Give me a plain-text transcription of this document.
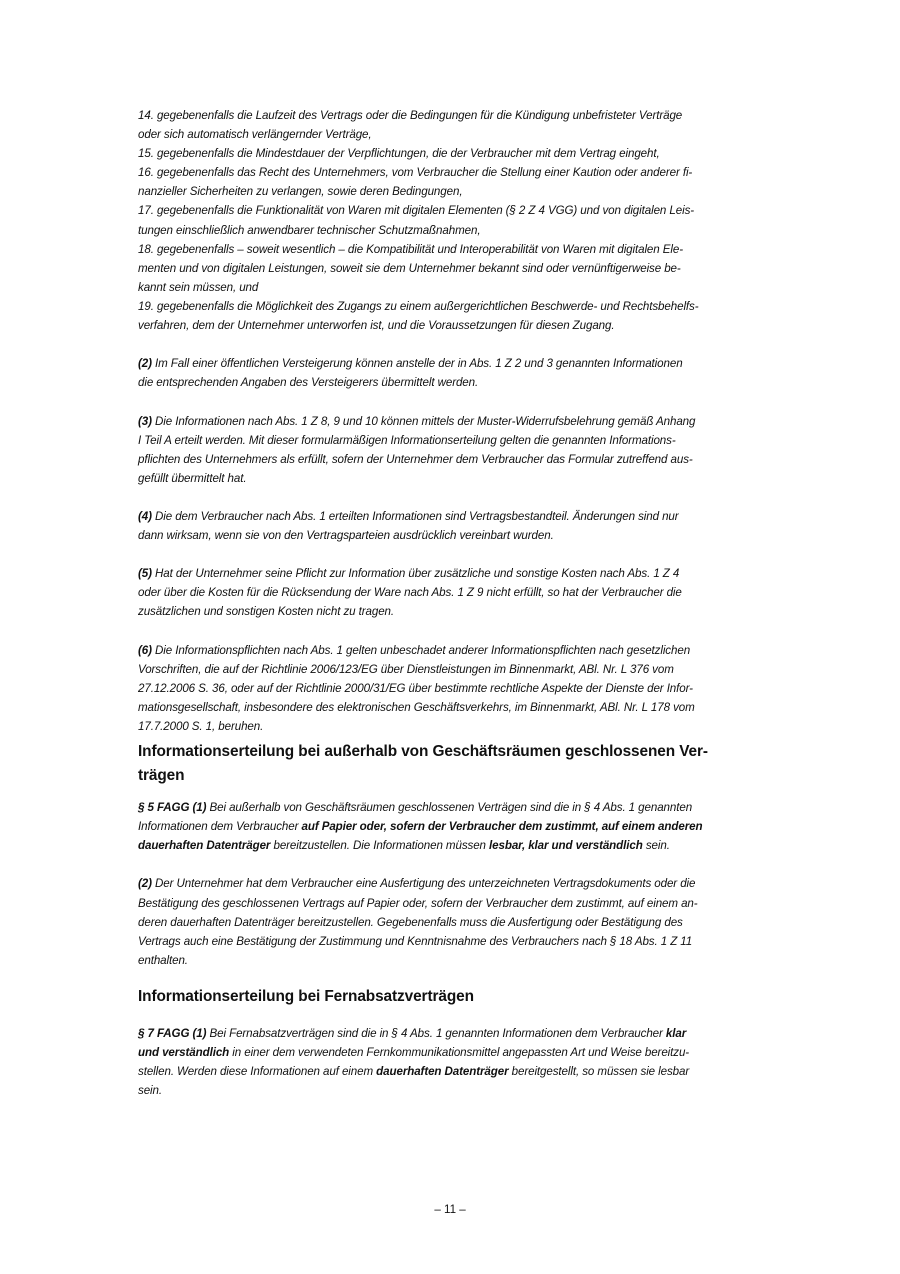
14. gegebenenfalls die Laufzeit des Vertrags oder die Bedingungen für die Kündigung unbefristeter Verträge
oder sich automatisch verlängernder Verträge,
15. gegebenenfalls die Mindestdauer der Verpflichtungen, die der Verbraucher mit dem Vertrag eingeht,
16. gegebenenfalls das Recht des Unternehmers, vom Verbraucher die Stellung einer Kaution oder anderer fi-
nanzieller Sicherheiten zu verlangen, sowie deren Bedingungen,
17. gegebenenfalls die Funktionalität von Waren mit digitalen Elementen (§ 2 Z 4 VGG) und von digitalen Leis-
tungen einschließlich anwendbarer technischer Schutzmaßnahmen,
18. gegebenenfalls – soweit wesentlich – die Kompatibilität und Interoperabilität von Waren mit digitalen Ele-
menten und von digitalen Leistungen, soweit sie dem Unternehmer bekannt sind oder vernünftigerweise be-
kannt sein müssen, und
19. gegebenenfalls die Möglichkeit des Zugangs zu einem außergerichtlichen Beschwerde- und Rechtsbehelfs-
verfahren, dem der Unternehmer unterworfen ist, und die Voraussetzungen für diesen Zugang.
(2) Im Fall einer öffentlichen Versteigerung können anstelle der in Abs. 1 Z 2 und 3 genannten Informationen
die entsprechenden Angaben des Versteigerers übermittelt werden.
(3) Die Informationen nach Abs. 1 Z 8, 9 und 10 können mittels der Muster-Widerrufsbelehrung gemäß Anhang
I Teil A erteilt werden. Mit dieser formularmäßigen Informationserteilung gelten die genannten Informations-
pflichten des Unternehmers als erfüllt, sofern der Unternehmer dem Verbraucher das Formular zutreffend aus-
gefüllt übermittelt hat.
(4) Die dem Verbraucher nach Abs. 1 erteilten Informationen sind Vertragsbestandteil. Änderungen sind nur
dann wirksam, wenn sie von den Vertragsparteien ausdrücklich vereinbart wurden.
(5) Hat der Unternehmer seine Pflicht zur Information über zusätzliche und sonstige Kosten nach Abs. 1 Z 4
oder über die Kosten für die Rücksendung der Ware nach Abs. 1 Z 9 nicht erfüllt, so hat der Verbraucher die
zusätzlichen und sonstigen Kosten nicht zu tragen.
(6) Die Informationspflichten nach Abs. 1 gelten unbeschadet anderer Informationspflichten nach gesetzlichen
Vorschriften, die auf der Richtlinie 2006/123/EG über Dienstleistungen im Binnenmarkt, ABl. Nr. L 376 vom
27.12.2006 S. 36, oder auf der Richtlinie 2000/31/EG über bestimmte rechtliche Aspekte der Dienste der Infor-
mationsgesellschaft, insbesondere des elektronischen Geschäftsverkehrs, im Binnenmarkt, ABl. Nr. L 178 vom
17.7.2000 S. 1, beruhen.
Informationserteilung bei außerhalb von Geschäftsräumen geschlossenen Ver-
trägen
§ 5 FAGG (1) Bei außerhalb von Geschäftsräumen geschlossenen Verträgen sind die in § 4 Abs. 1 genannten
Informationen dem Verbraucher auf Papier oder, sofern der Verbraucher dem zustimmt, auf einem anderen
dauerhaften Datenträger bereitzustellen. Die Informationen müssen lesbar, klar und verständlich sein.
(2) Der Unternehmer hat dem Verbraucher eine Ausfertigung des unterzeichneten Vertragsdokuments oder die
Bestätigung des geschlossenen Vertrags auf Papier oder, sofern der Verbraucher dem zustimmt, auf einem an-
deren dauerhaften Datenträger bereitzustellen. Gegebenenfalls muss die Ausfertigung oder Bestätigung des
Vertrags auch eine Bestätigung der Zustimmung und Kenntnisnahme des Verbrauchers nach § 18 Abs. 1 Z 11
enthalten.
Informationserteilung bei Fernabsatzverträgen
§ 7 FAGG (1) Bei Fernabsatzverträgen sind die in § 4 Abs. 1 genannten Informationen dem Verbraucher klar
und verständlich in einer dem verwendeten Fernkommunikationsmittel angepassten Art und Weise bereitzu-
stellen. Werden diese Informationen auf einem dauerhaften Datenträger bereitgestellt, so müssen sie lesbar
sein.
– 11 –
